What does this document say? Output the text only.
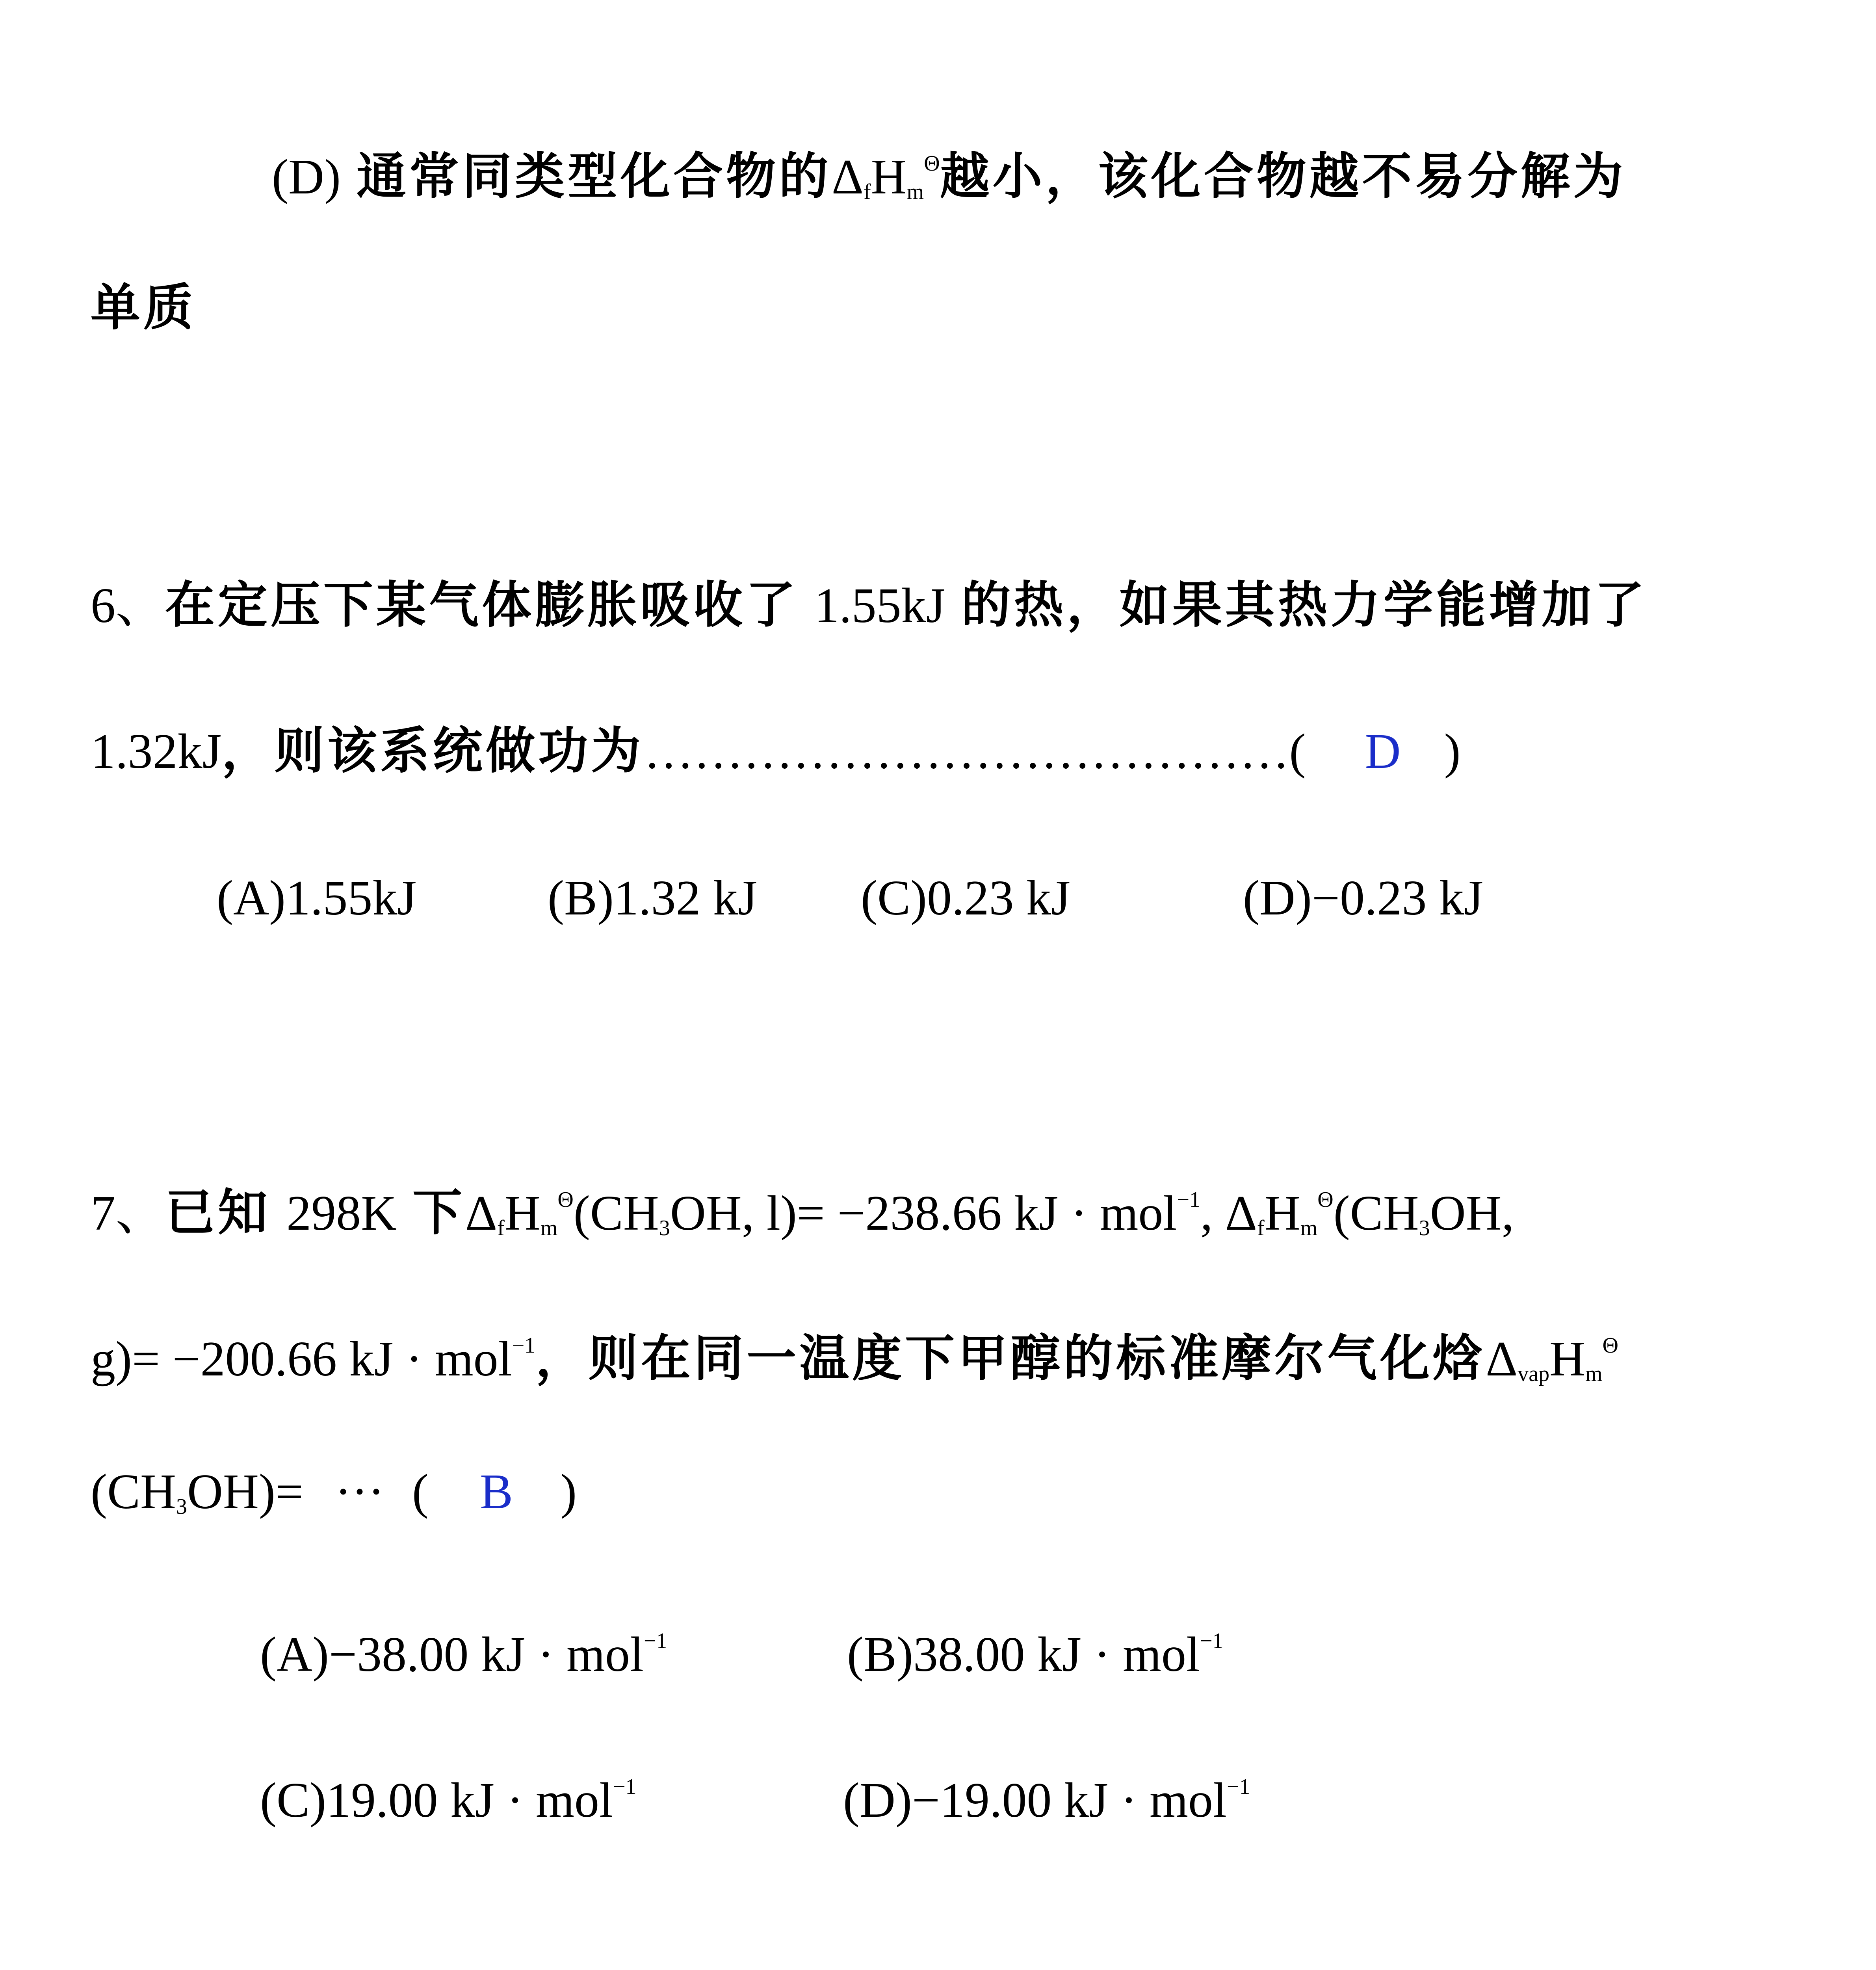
(D) 通常同类型化合物的$\Delta_fH_m^\Theta$越小，该化合物越不易分解为
单质
6、在定压下某气体膨胀吸收了 1.55kJ 的热，如果其热力学能增加了
1.32kJ，则该系统做功为…………………………………( D )
(A)1.55kJ	(B)1.32 kJ (C)0.23 kJ	(D)−0.23 kJ
7、已知 298K 下$\Delta_fH_m^\Theta(CH_3OH$, l)= −238.66 kJ · mol$^{-1}$, $\Delta_fH_m^\Theta(CH_3OH$,
g)= −200.66 kJ · mol$^{-1}$，则在同一温度下甲醇的标准摩尔气化焓$\Delta_{vap}H_m^\Theta$
$(CH_3OH)=$ ··· ( B )
(A)−38.00 kJ · mol$^{-1}$	(B)38.00 kJ · mol$^{-1}$
(C)19.00 kJ · mol$^{-1}$	(D)−19.00 kJ · mol$^{-1}$
